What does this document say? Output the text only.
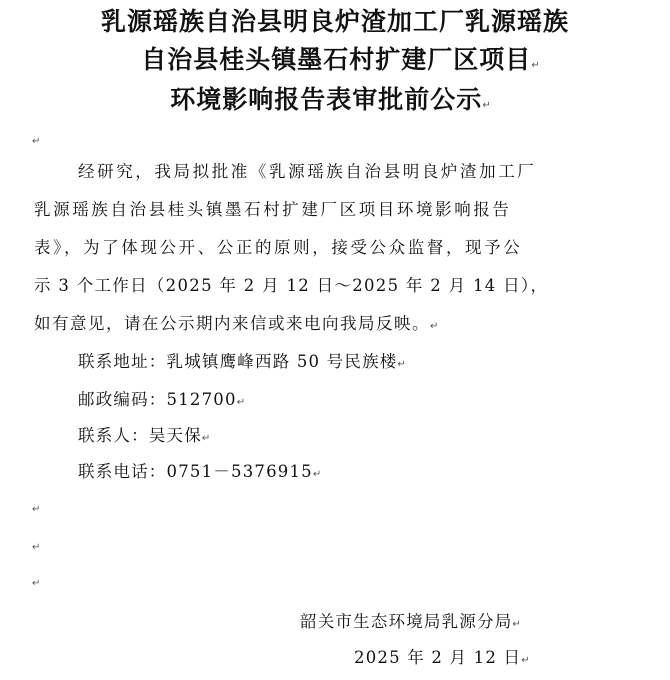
乳源瑶族自治县明良炉渣加工厂乳源瑶族
自治县桂头镇墨石村扩建厂区项目↵
环境影响报告表审批前公示↵
↵
经研究，我局拟批准《乳源瑶族自治县明良炉渣加工厂
乳源瑶族自治县桂头镇墨石村扩建厂区项目环境影响报告
表》，为了体现公开、公正的原则，接受公众监督，现予公
示 3 个工作日（2025 年 2 月 12 日～2025 年 2 月 14 日），
如有意见，请在公示期内来信或来电向我局反映。↵
联系地址：乳城镇鹰峰西路 50 号民族楼↵
邮政编码：512700↵
联系人：吴天保↵
联系电话：0751－5376915↵
↵
↵
↵
韶关市生态环境局乳源分局↵
2025 年 2 月 12 日↵
